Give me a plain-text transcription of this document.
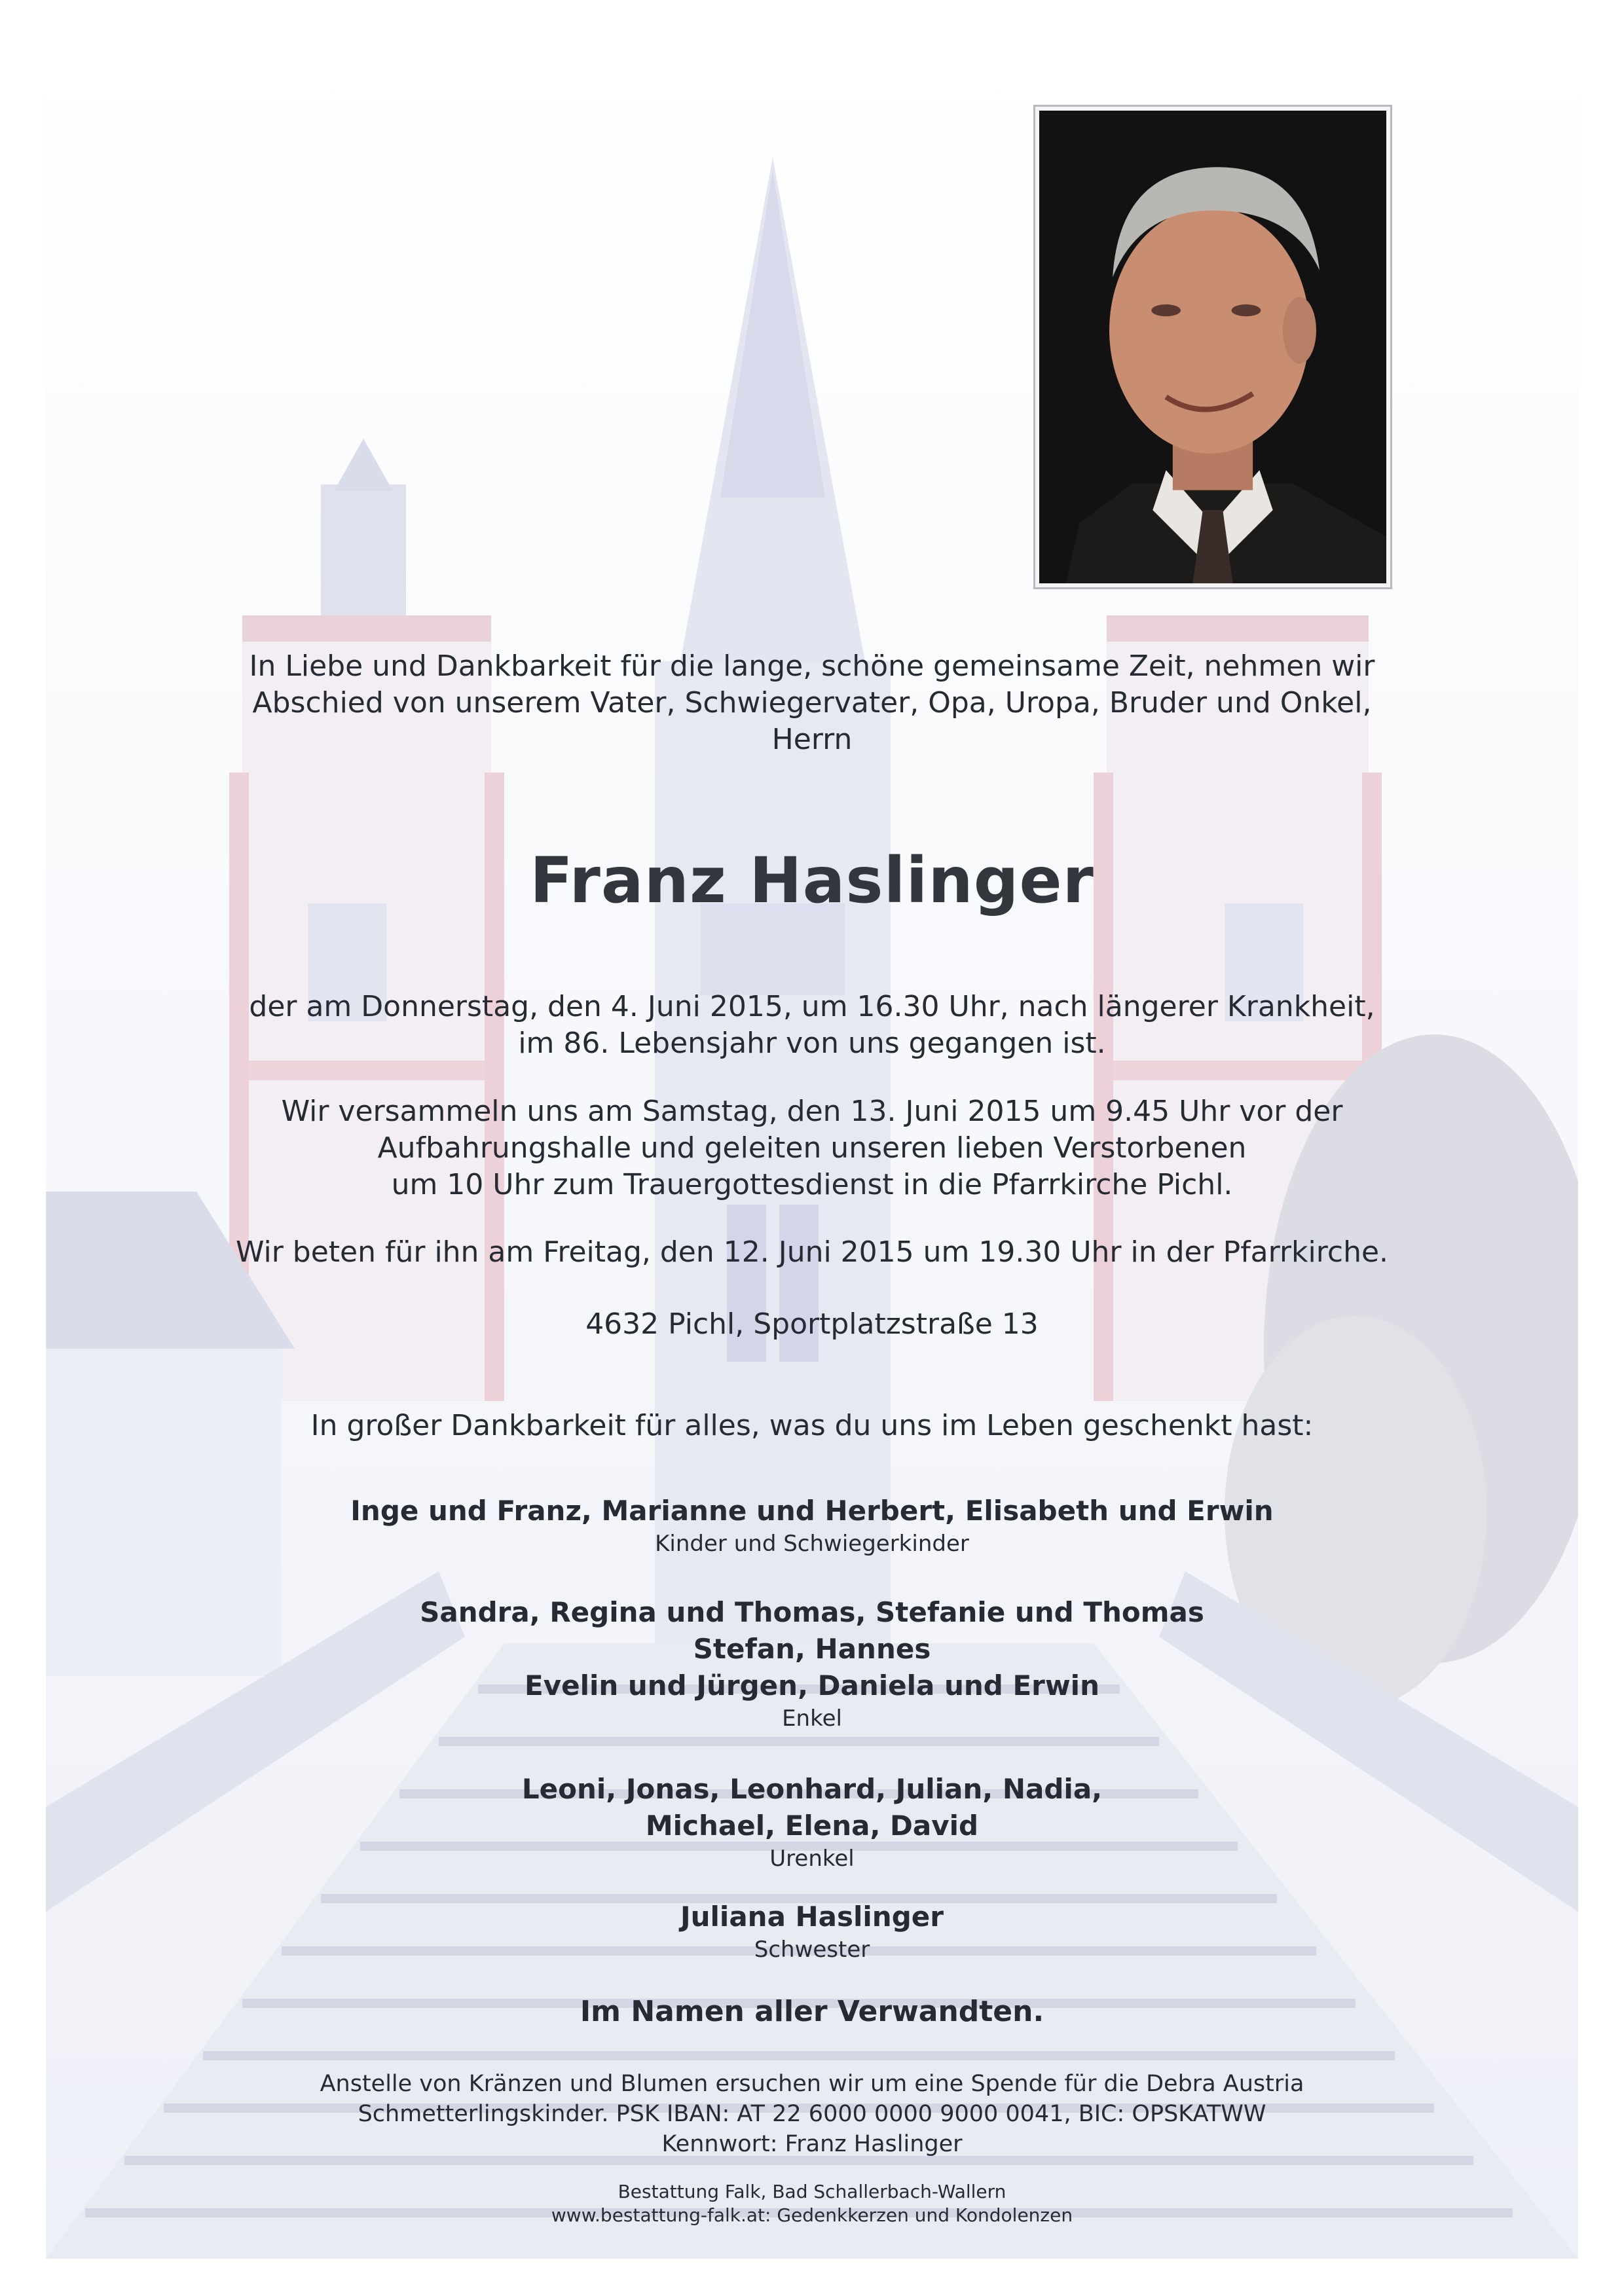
In Liebe und Dankbarkeit für die lange, schöne gemeinsame Zeit, nehmen wir
Abschied von unserem Vater, Schwiegervater, Opa, Uropa, Bruder und Onkel,
Herrn
Franz Haslinger
der am Donnerstag, den 4. Juni 2015, um 16.30 Uhr, nach längerer Krankheit,
im 86. Lebensjahr von uns gegangen ist.
Wir versammeln uns am Samstag, den 13. Juni 2015 um 9.45 Uhr vor der
Aufbahrungshalle und geleiten unseren lieben Verstorbenen
um 10 Uhr zum Trauergottesdienst in die Pfarrkirche Pichl.
Wir beten für ihn am Freitag, den 12. Juni 2015 um 19.30 Uhr in der Pfarrkirche.
4632 Pichl, Sportplatzstraße 13
In großer Dankbarkeit für alles, was du uns im Leben geschenkt hast:
Inge und Franz, Marianne und Herbert, Elisabeth und Erwin
Kinder und Schwiegerkinder
Sandra, Regina und Thomas, Stefanie und Thomas
Stefan, Hannes
Evelin und Jürgen, Daniela und Erwin
Enkel
Leoni, Jonas, Leonhard, Julian, Nadia,
Michael, Elena, David
Urenkel
Juliana Haslinger
Schwester
Im Namen aller Verwandten.
Anstelle von Kränzen und Blumen ersuchen wir um eine Spende für die Debra Austria
Schmetterlingskinder. PSK IBAN: AT 22 6000 0000 9000 0041, BIC: OPSKATWW
Kennwort: Franz Haslinger
Bestattung Falk, Bad Schallerbach-Wallern
www.bestattung-falk.at: Gedenkkerzen und Kondolenzen
